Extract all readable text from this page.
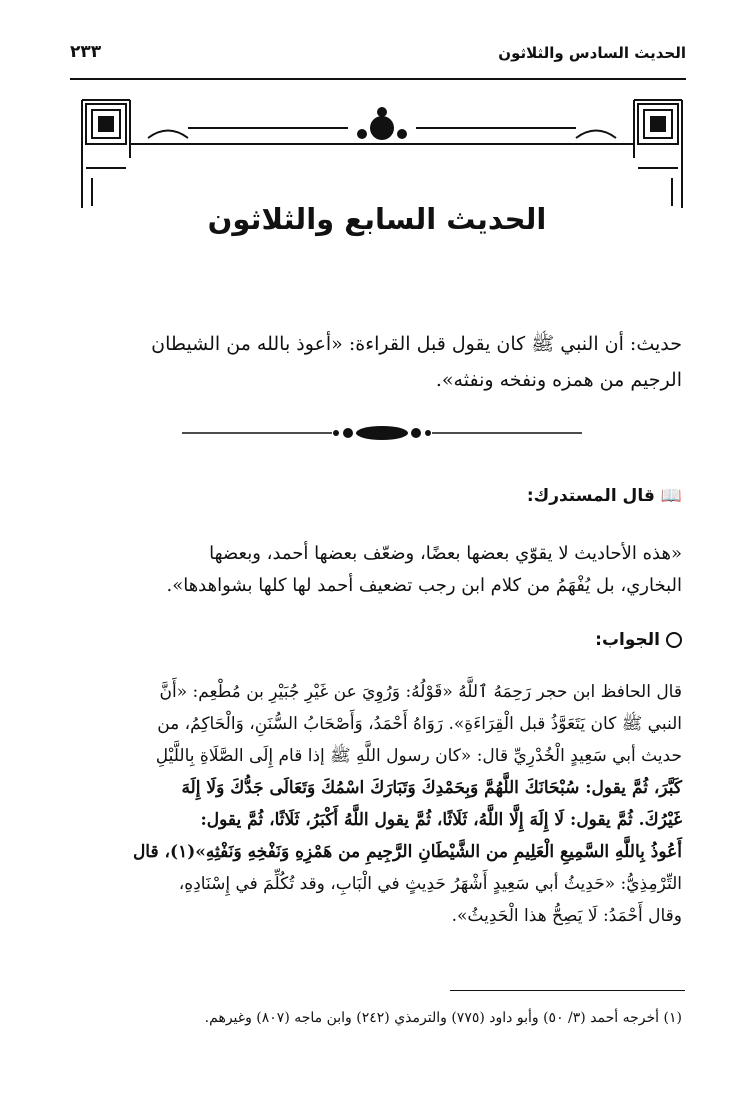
الحديث السادس والثلاثون
٢٣٣
الحديث السابع والثلاثون
حديث: أن النبي ﷺ كان يقول قبل القراءة: «أعوذ بالله من الشيطان
الرجيم من همزه ونفخه ونفثه».
📖
قال المستدرك:
«هذه الأحاديث لا يقوّي بعضها بعضًا، وضعّف بعضها أحمد، وبعضها
البخاري، بل يُفْهَمُ من كلام ابن رجب تضعيف أحمد لها كلها بشواهدها».
الجواب:
قال الحافظ ابن حجر رَحِمَهُ ٱللَّهُ «قَوْلُهُ: وَرُوِيَ عن غَيْرِ جُبَيْرِ بن مُطْعِم: «أَنَّ
النبي ﷺ كان يَتَعَوَّذُ قبل الْقِرَاءَةِ». رَوَاهُ أَحْمَدُ، وَأَصْحَابُ السُّنَنِ، وَالْحَاكِمُ، من
حديث أبي سَعِيدٍ الْخُدْرِيِّ قال: «كان رسول اللَّهِ ﷺ إذا قام إِلَى الصَّلَاةِ بِاللَّيْلِ
كَبَّرَ، ثُمَّ يقول: سُبْحَانَكَ اللَّهُمَّ وَبِحَمْدِكَ وَتَبَارَكَ اسْمُكَ وَتَعَالَى جَدُّكَ وَلَا إِلَهَ
غَيْرُكَ. ثُمَّ يقول: لَا إِلَهَ إِلَّا اللَّهُ، ثَلَاثًا، ثُمَّ يقول اللَّهُ أَكْبَرُ، ثَلَاثًا، ثُمَّ يقول:
أَعُوذُ بِاللَّهِ السَّمِيعِ الْعَلِيمِ من الشَّيْطَانِ الرَّجِيمِ من هَمْزِهِ وَنَفْخِهِ وَنَفْثِهِ»(١)، قال
التِّرْمِذِيُّ: «حَدِيثُ أبي سَعِيدٍ أَشْهَرُ حَدِيثٍ في الْبَابِ، وقد تُكُلِّمَ في إِسْنَادِهِ،
وقال أَحْمَدُ: لَا يَصِحُّ هذا الْحَدِيثُ».
(١) أخرجه أحمد (٣/ ٥٠) وأبو داود (٧٧٥) والترمذي (٢٤٢) وابن ماجه (٨٠٧) وغيرهم.
